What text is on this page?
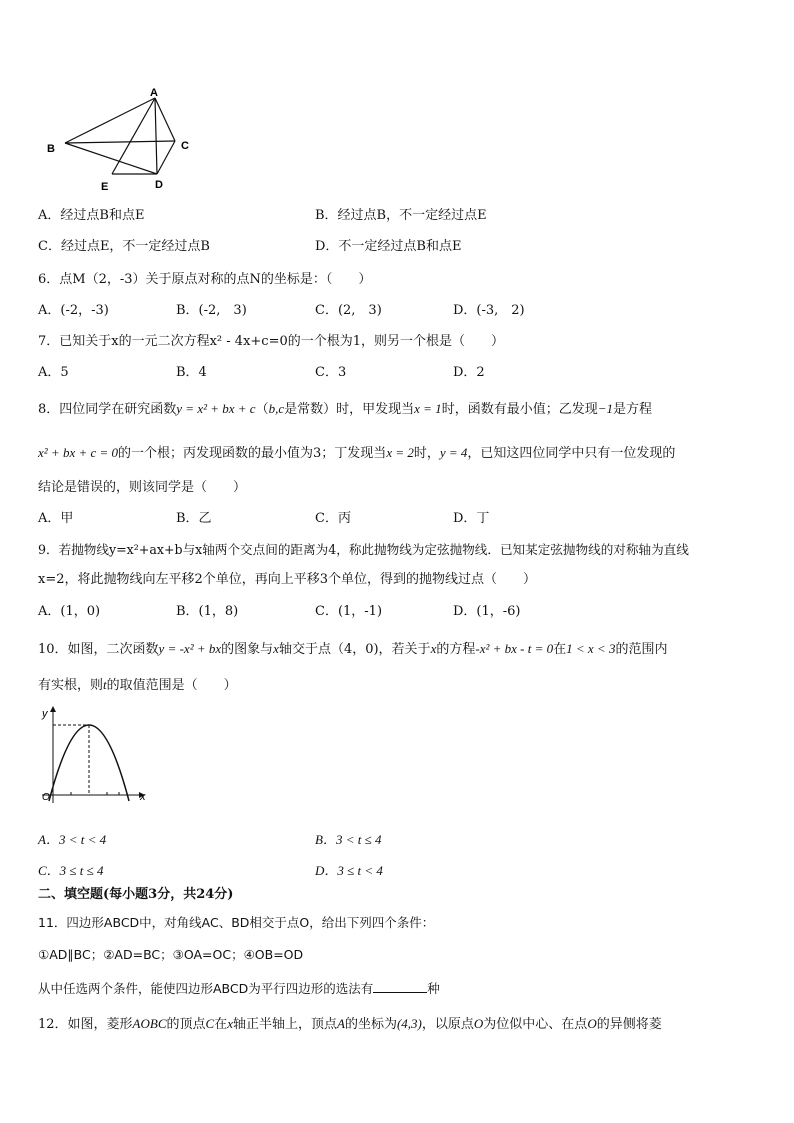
A
B	C
D
E
A．经过点B和点E	B．经过点B，不一定经过点E
C．经过点E，不一定经过点B	D．不一定经过点B和点E
6．点M（2，-3）关于原点对称的点N的坐标是：（　　）
A．(-2，-3)	B．(-2,　3)	C．(2,　3)	D．(-3,　2)
7．已知关于x的一元二次方程x² - 4x+c=0的一个根为1，则另一个根是（　　）
A．5	B．4	C．3	D．2
8．四位同学在研究函数y = x² + bx + c（b,c是常数）时，甲发现当x = 1时，函数有最小值；乙发现−1是方程
x² + bx + c = 0的一个根；丙发现函数的最小值为3；丁发现当x = 2时，y = 4，已知这四位同学中只有一位发现的
结论是错误的，则该同学是（　　）
A．甲	B．乙	C．丙	D．丁
9．若抛物线y=x²+ax+b与x轴两个交点间的距离为4，称此抛物线为定弦抛物线．已知某定弦抛物线的对称轴为直线
x=2，将此抛物线向左平移2个单位，再向上平移3个单位，得到的抛物线过点（　　）
A．(1，0)	B．(1，8)	C．(1，-1)	D．(1，-6)
10．如图，二次函数y = -x² + bx的图象与x轴交于点（4，0)，若关于x的方程-x² + bx - t = 0在1 < x < 3的范围内
有实根，则t的取值范围是（　　）
y
x
O
A．3 < t < 4	B．3 < t ≤ 4
C．3 ≤ t ≤ 4	D．3 ≤ t < 4
二、填空题(每小题3分，共24分)
11．四边形ABCD中，对角线AC、BD相交于点O，给出下列四个条件：
①AD∥BC；②AD=BC；③OA=OC；④OB=OD
从中任选两个条件，能使四边形ABCD为平行四边形的选法有	种
12．如图，菱形AOBC的顶点C在x轴正半轴上，顶点A的坐标为(4,3)，以原点O为位似中心、在点O的异侧将菱
